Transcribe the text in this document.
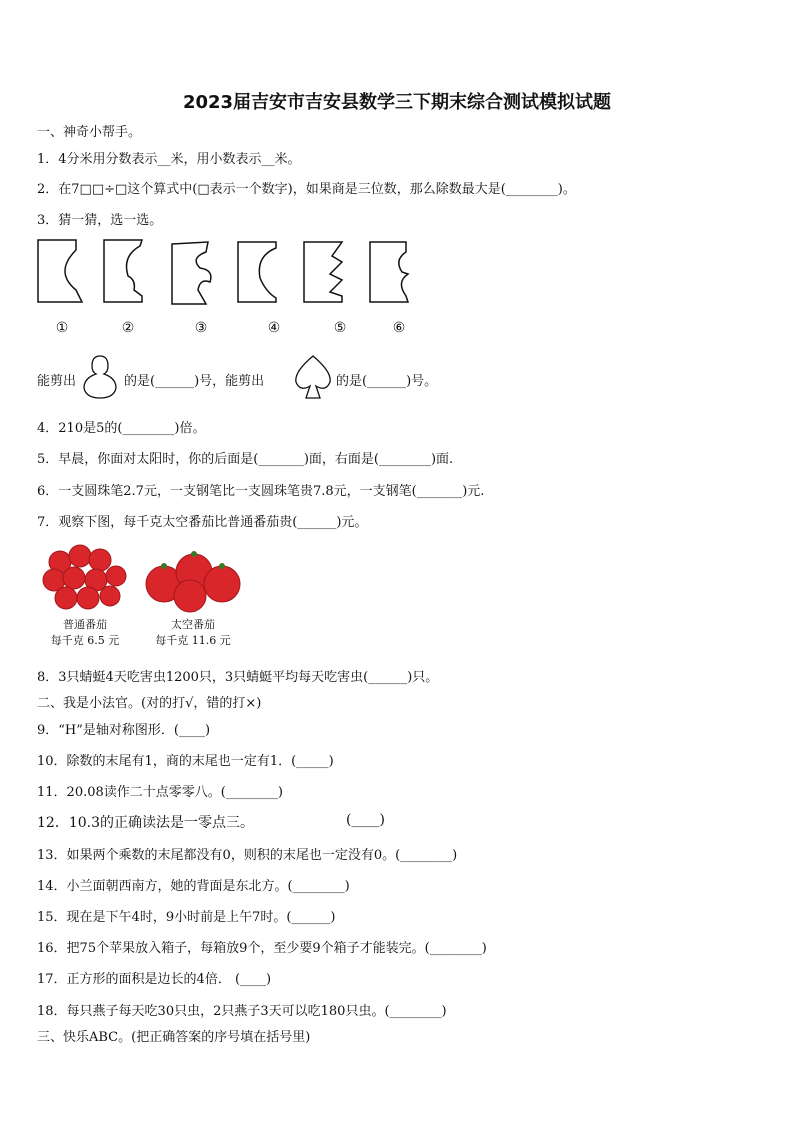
2023届吉安市吉安县数学三下期末综合测试模拟试题
一、神奇小帮手。
1．4分米用分数表示__米，用小数表示__米。
2．在7□□÷□这个算式中(□表示一个数字)，如果商是三位数，那么除数最大是(________)。
3．猜一猜，选一选。
①	②	③	④	⑤	⑥
能剪出	的是(______)号，能剪出	的是(______)号。
4．210是5的(________)倍。
5．早晨，你面对太阳时，你的后面是(_______)面，右面是(________)面.
6．一支圆珠笔2.7元，一支钢笔比一支圆珠笔贵7.8元，一支钢笔(_______)元.
7．观察下图，每千克太空番茄比普通番茄贵(______)元。
普通番茄
每千克 6.5 元
太空番茄
每千克 11.6 元
8．3只蜻蜓4天吃害虫1200只，3只蜻蜓平均每天吃害虫(______)只。
二、我是小法官。(对的打√，错的打×)
9．“H”是轴对称图形．(____)
10．除数的末尾有1，商的末尾也一定有1．(_____)
11．20.08读作二十点零零八。(________)
12．10.3的正确读法是一零点三。	(____)
13．如果两个乘数的末尾都没有0，则积的末尾也一定没有0。(________)
14．小兰面朝西南方，她的背面是东北方。(________)
15．现在是下午4时，9小时前是上午7时。(______)
16．把75个苹果放入箱子，每箱放9个，至少要9个箱子才能装完。(________)
17．正方形的面积是边长的4倍． (____)
18．每只燕子每天吃30只虫，2只燕子3天可以吃180只虫。(________)
三、快乐ABC。(把正确答案的序号填在括号里)
